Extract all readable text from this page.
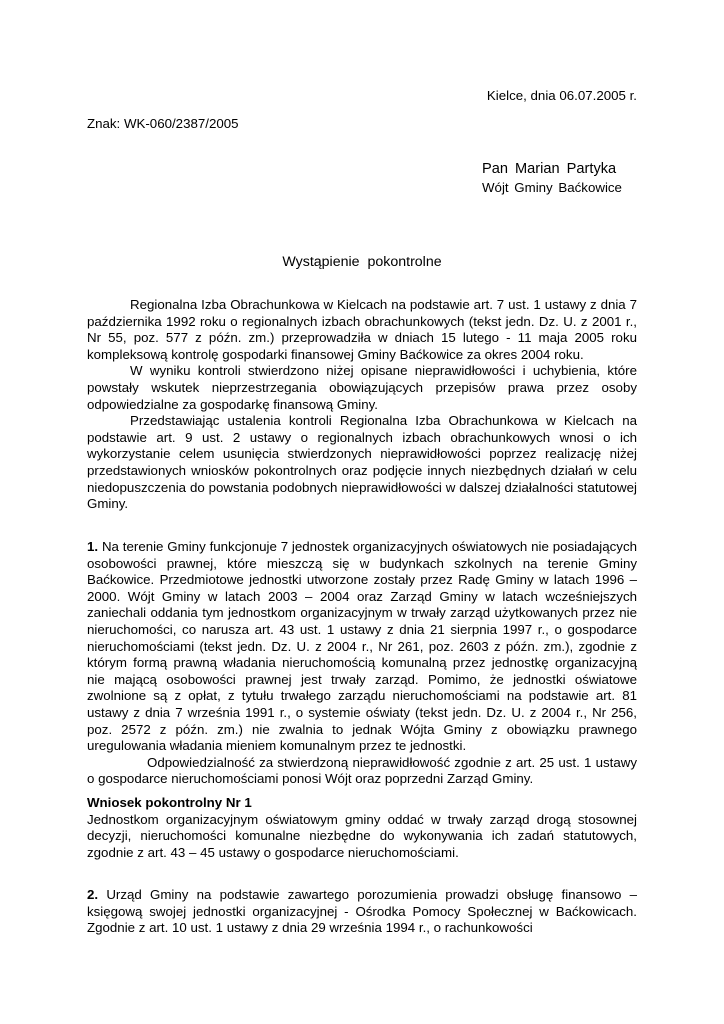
Kielce, dnia 06.07.2005 r.
Znak: WK-060/2387/2005
Pan Marian Partyka
Wójt Gminy Baćkowice
Wystąpienie pokontrolne

Regionalna Izba Obrachunkowa w Kielcach na podstawie art. 7 ust. 1 ustawy z dnia 7 października 1992 roku o regionalnych izbach obrachunkowych (tekst jedn. Dz. U. z 2001 r., Nr 55, poz. 577 z późn. zm.) przeprowadziła w dniach 15 lutego - 11 maja 2005 roku kompleksową kontrolę gospodarki finansowej Gminy Baćkowice za okres 2004 roku.

W wyniku kontroli stwierdzono niżej opisane nieprawidłowości i uchybienia, które powstały wskutek nieprzestrzegania obowiązujących przepisów prawa przez osoby odpowiedzialne za gospodarkę finansową Gminy.

Przedstawiając ustalenia kontroli Regionalna Izba Obrachunkowa w Kielcach na podstawie art. 9 ust. 2 ustawy o regionalnych izbach obrachunkowych wnosi o ich wykorzystanie celem usunięcia stwierdzonych nieprawidłowości poprzez realizację niżej przedstawionych wniosków pokontrolnych oraz podjęcie innych niezbędnych działań w celu niedopuszczenia do powstania podobnych nieprawidłowości w dalszej działalności statutowej Gminy.

1. Na terenie Gminy funkcjonuje 7 jednostek organizacyjnych oświatowych nie posiadających osobowości prawnej, które mieszczą się w budynkach szkolnych na terenie Gminy Baćkowice. Przedmiotowe jednostki utworzone zostały przez Radę Gminy w latach 1996 – 2000. Wójt Gminy w latach 2003 – 2004 oraz Zarząd Gminy w latach wcześniejszych zaniechali oddania tym jednostkom organizacyjnym w trwały zarząd użytkowanych przez nie nieruchomości, co narusza art. 43 ust. 1 ustawy z dnia 21 sierpnia 1997 r., o gospodarce nieruchomościami (tekst jedn. Dz. U. z 2004 r., Nr 261, poz. 2603 z późn. zm.), zgodnie z którym formą prawną władania nieruchomością komunalną przez jednostkę organizacyjną nie mającą osobowości prawnej jest trwały zarząd. Pomimo, że jednostki oświatowe zwolnione są z opłat, z tytułu trwałego zarządu nieruchomościami na podstawie art. 81 ustawy z dnia 7 września 1991 r., o systemie oświaty (tekst jedn. Dz. U. z 2004 r., Nr 256, poz. 2572 z późn. zm.) nie zwalnia to jednak Wójta Gminy z obowiązku prawnego uregulowania władania mieniem komunalnym przez te jednostki.

Odpowiedzialność za stwierdzoną nieprawidłowość zgodnie z art. 25 ust. 1 ustawy o gospodarce nieruchomościami ponosi Wójt oraz poprzedni Zarząd Gminy.

Wniosek pokontrolny Nr 1

Jednostkom organizacyjnym oświatowym gminy oddać w trwały zarząd drogą stosownej decyzji, nieruchomości komunalne niezbędne do wykonywania ich zadań statutowych, zgodnie z art. 43 – 45 ustawy o gospodarce nieruchomościami.

2. Urząd Gminy na podstawie zawartego porozumienia prowadzi obsługę finansowo – księgową swojej jednostki organizacyjnej - Ośrodka Pomocy Społecznej w Baćkowicach. Zgodnie z art. 10 ust. 1 ustawy z dnia 29 września 1994 r., o rachunkowości
